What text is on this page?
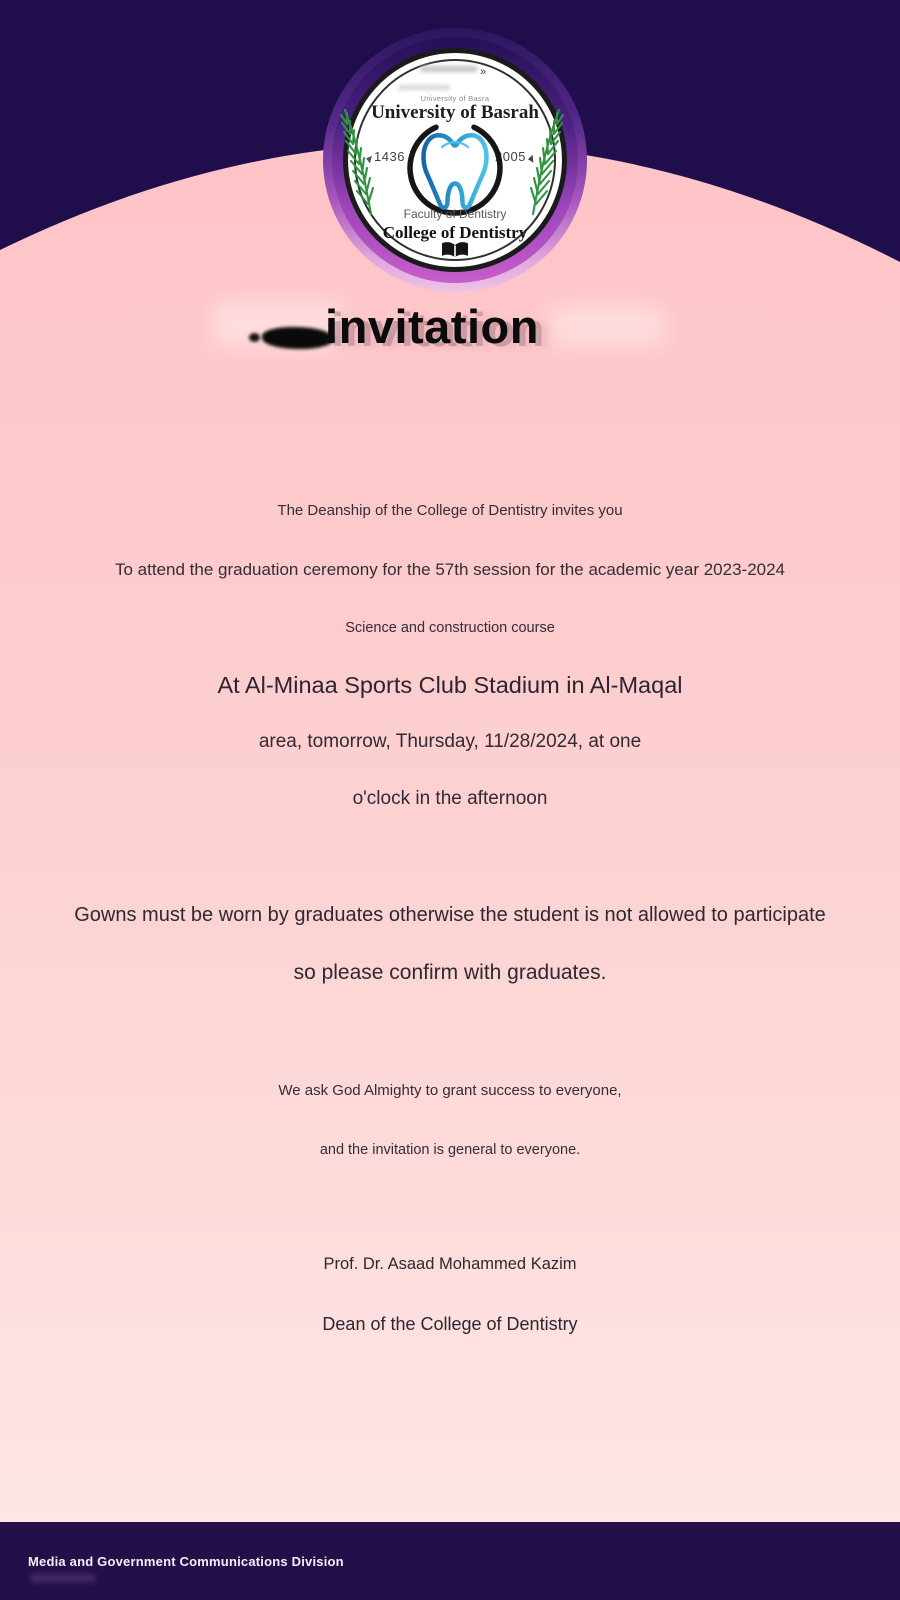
»
University of Basra
University of Basrah
1436	2005
Faculty of Dentistry
College of Dentistry
invitation

The Deanship of the College of Dentistry invites you

To attend the graduation ceremony for the 57th session for the academic year 2023-2024

Science and construction course

At Al-Minaa Sports Club Stadium in Al-Maqal

area, tomorrow, Thursday, 11/28/2024, at one

o'clock in the afternoon

Gowns must be worn by graduates otherwise the student is not allowed to participate

so please confirm with graduates.

We ask God Almighty to grant success to everyone,

and the invitation is general to everyone.

Prof. Dr. Asaad Mohammed Kazim

Dean of the College of Dentistry

Media and Government Communications Division
